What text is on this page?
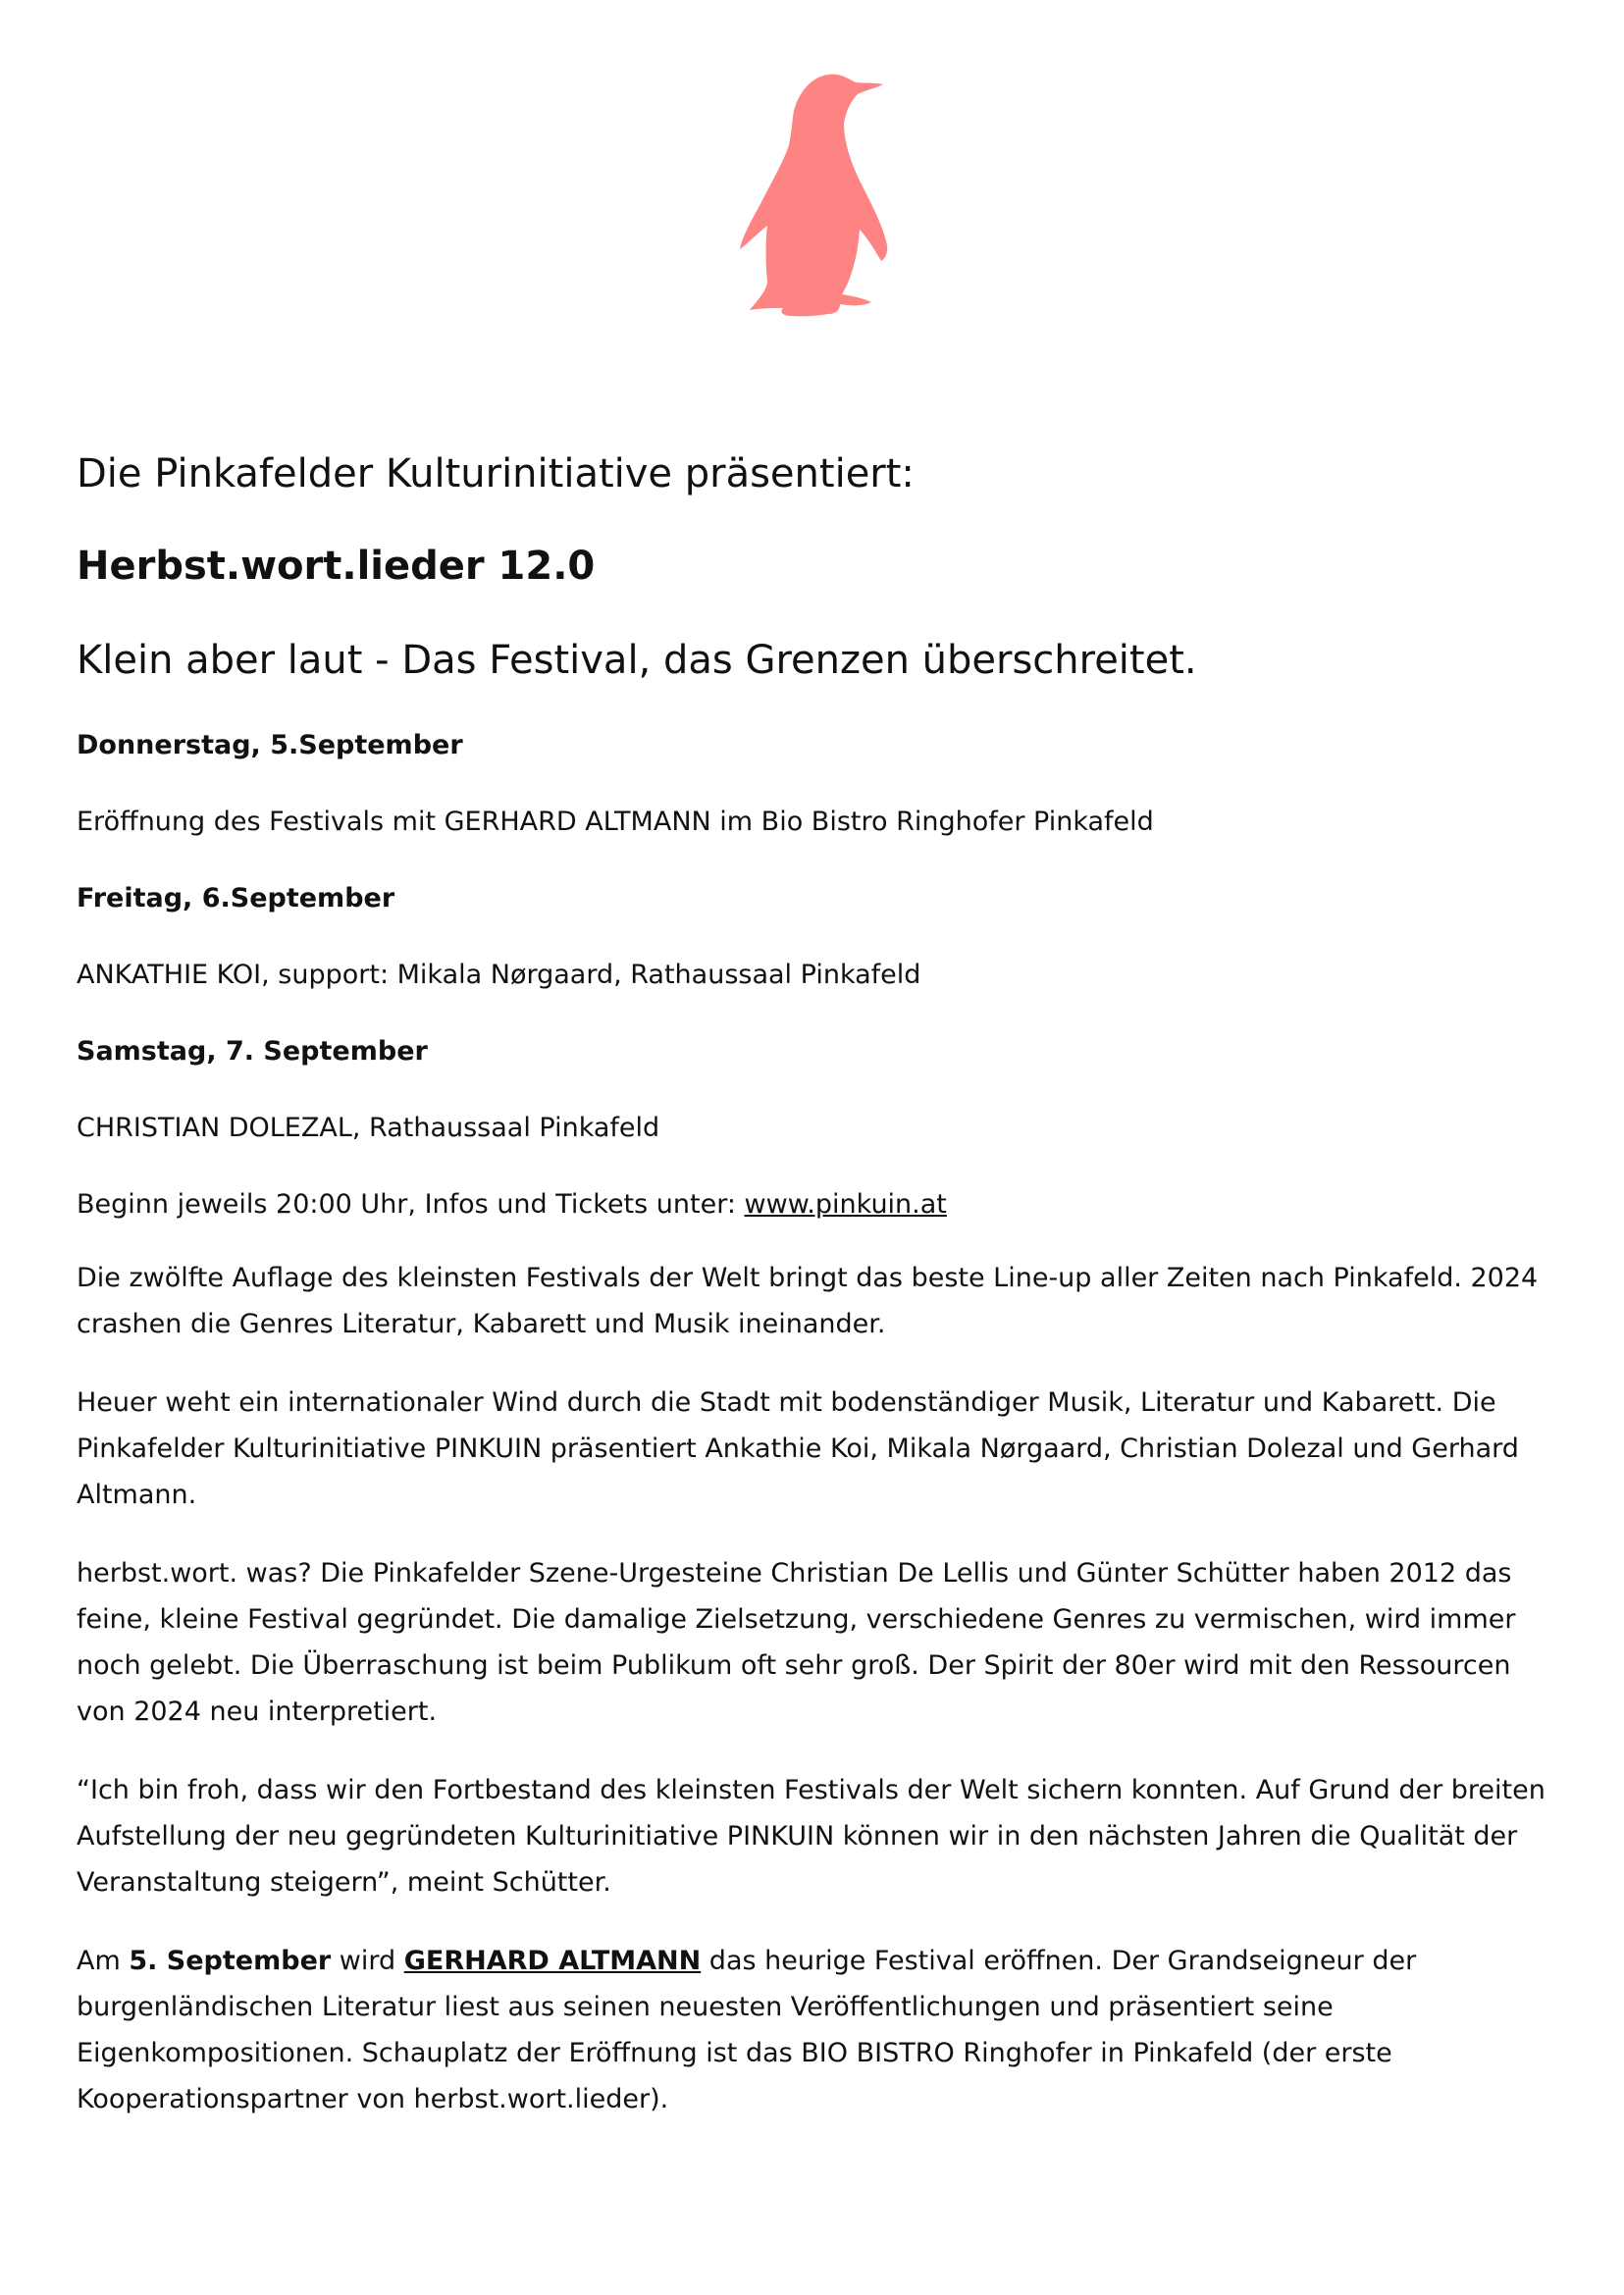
Die Pinkafelder Kulturinitiative präsentiert:

Herbst.wort.lieder 12.0

Klein aber laut - Das Festival, das Grenzen überschreitet.

Donnerstag, 5.September

Eröffnung des Festivals mit GERHARD ALTMANN im Bio Bistro Ringhofer Pinkafeld

Freitag, 6.September

ANKATHIE KOI, support: Mikala Nørgaard, Rathaussaal Pinkafeld

Samstag, 7. September

CHRISTIAN DOLEZAL, Rathaussaal Pinkafeld

Beginn jeweils 20:00 Uhr, Infos und Tickets unter: www.pinkuin.at

Die zwölfte Auflage des kleinsten Festivals der Welt bringt das beste Line-up aller Zeiten nach Pinkafeld. 2024 crashen die Genres Literatur, Kabarett und Musik ineinander.

Heuer weht ein internationaler Wind durch die Stadt mit bodenständiger Musik, Literatur und Kabarett. Die Pinkafelder Kulturinitiative PINKUIN präsentiert Ankathie Koi, Mikala Nørgaard, Christian Dolezal und Gerhard Altmann.

herbst.wort. was? Die Pinkafelder Szene-Urgesteine Christian De Lellis und Günter Schütter haben 2012 das feine, kleine Festival gegründet. Die damalige Zielsetzung, verschiedene Genres zu vermischen, wird immer noch gelebt. Die Überraschung ist beim Publikum oft sehr groß. Der Spirit der 80er wird mit den Ressourcen von 2024 neu interpretiert.

“Ich bin froh, dass wir den Fortbestand des kleinsten Festivals der Welt sichern konnten. Auf Grund der breiten Aufstellung der neu gegründeten Kulturinitiative PINKUIN können wir in den nächsten Jahren die Qualität der Veranstaltung steigern”, meint Schütter.

Am 5. September wird GERHARD ALTMANN das heurige Festival eröffnen. Der Grandseigneur der burgenländischen Literatur liest aus seinen neuesten Veröffentlichungen und präsentiert seine Eigenkompositionen. Schauplatz der Eröffnung ist das BIO BISTRO Ringhofer in Pinkafeld (der erste Kooperationspartner von herbst.wort.lieder).
